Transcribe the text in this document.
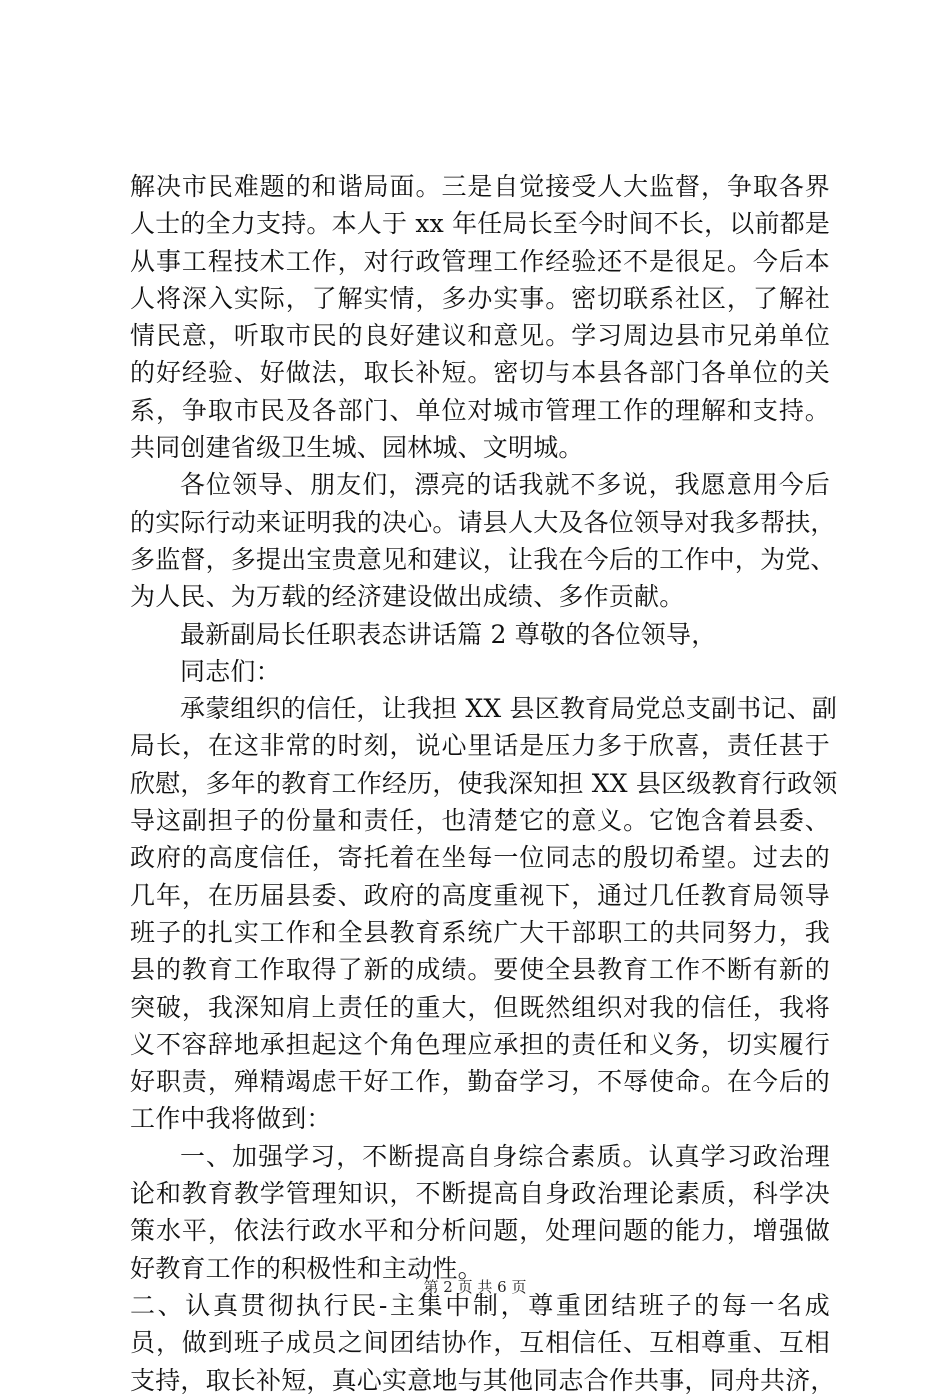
解决市民难题的和谐局面。三是自觉接受人大监督，争取各界
人士的全力支持。本人于 xx 年任局长至今时间不长，以前都是
从事工程技术工作，对行政管理工作经验还不是很足。今后本
人将深入实际，了解实情，多办实事。密切联系社区，了解社
情民意，听取市民的良好建议和意见。学习周边县市兄弟单位
的好经验、好做法，取长补短。密切与本县各部门各单位的关
系，争取市民及各部门、单位对城市管理工作的理解和支持。
共同创建省级卫生城、园林城、文明城。
各位领导、朋友们，漂亮的话我就不多说，我愿意用今后
的实际行动来证明我的决心。请县人大及各位领导对我多帮扶，
多监督，多提出宝贵意见和建议，让我在今后的工作中，为党、
为人民、为万载的经济建设做出成绩、多作贡献。
最新副局长任职表态讲话篇 2 尊敬的各位领导，
同志们：
承蒙组织的信任，让我担 XX 县区教育局党总支副书记、副
局长，在这非常的时刻，说心里话是压力多于欣喜，责任甚于
欣慰，多年的教育工作经历，使我深知担 XX 县区级教育行政领
导这副担子的份量和责任，也清楚它的意义。它饱含着县委、
政府的高度信任，寄托着在坐每一位同志的殷切希望。过去的
几年，在历届县委、政府的高度重视下，通过几任教育局领导
班子的扎实工作和全县教育系统广大干部职工的共同努力，我
县的教育工作取得了新的成绩。要使全县教育工作不断有新的
突破，我深知肩上责任的重大，但既然组织对我的信任，我将
义不容辞地承担起这个角色理应承担的责任和义务，切实履行
好职责，殚精竭虑干好工作，勤奋学习，不辱使命。在今后的
工作中我将做到：
一、加强学习，不断提高自身综合素质。认真学习政治理
论和教育教学管理知识，不断提高自身政治理论素质，科学决
策水平，依法行政水平和分析问题，处理问题的能力，增强做
好教育工作的积极性和主动性。
二、认真贯彻执行民-主集中制，尊重团结班子的每一名成
员，做到班子成员之间团结协作，互相信任、互相尊重、互相
支持，取长补短，真心实意地与其他同志合作共事，同舟共济，
第 2 页 共 6 页
